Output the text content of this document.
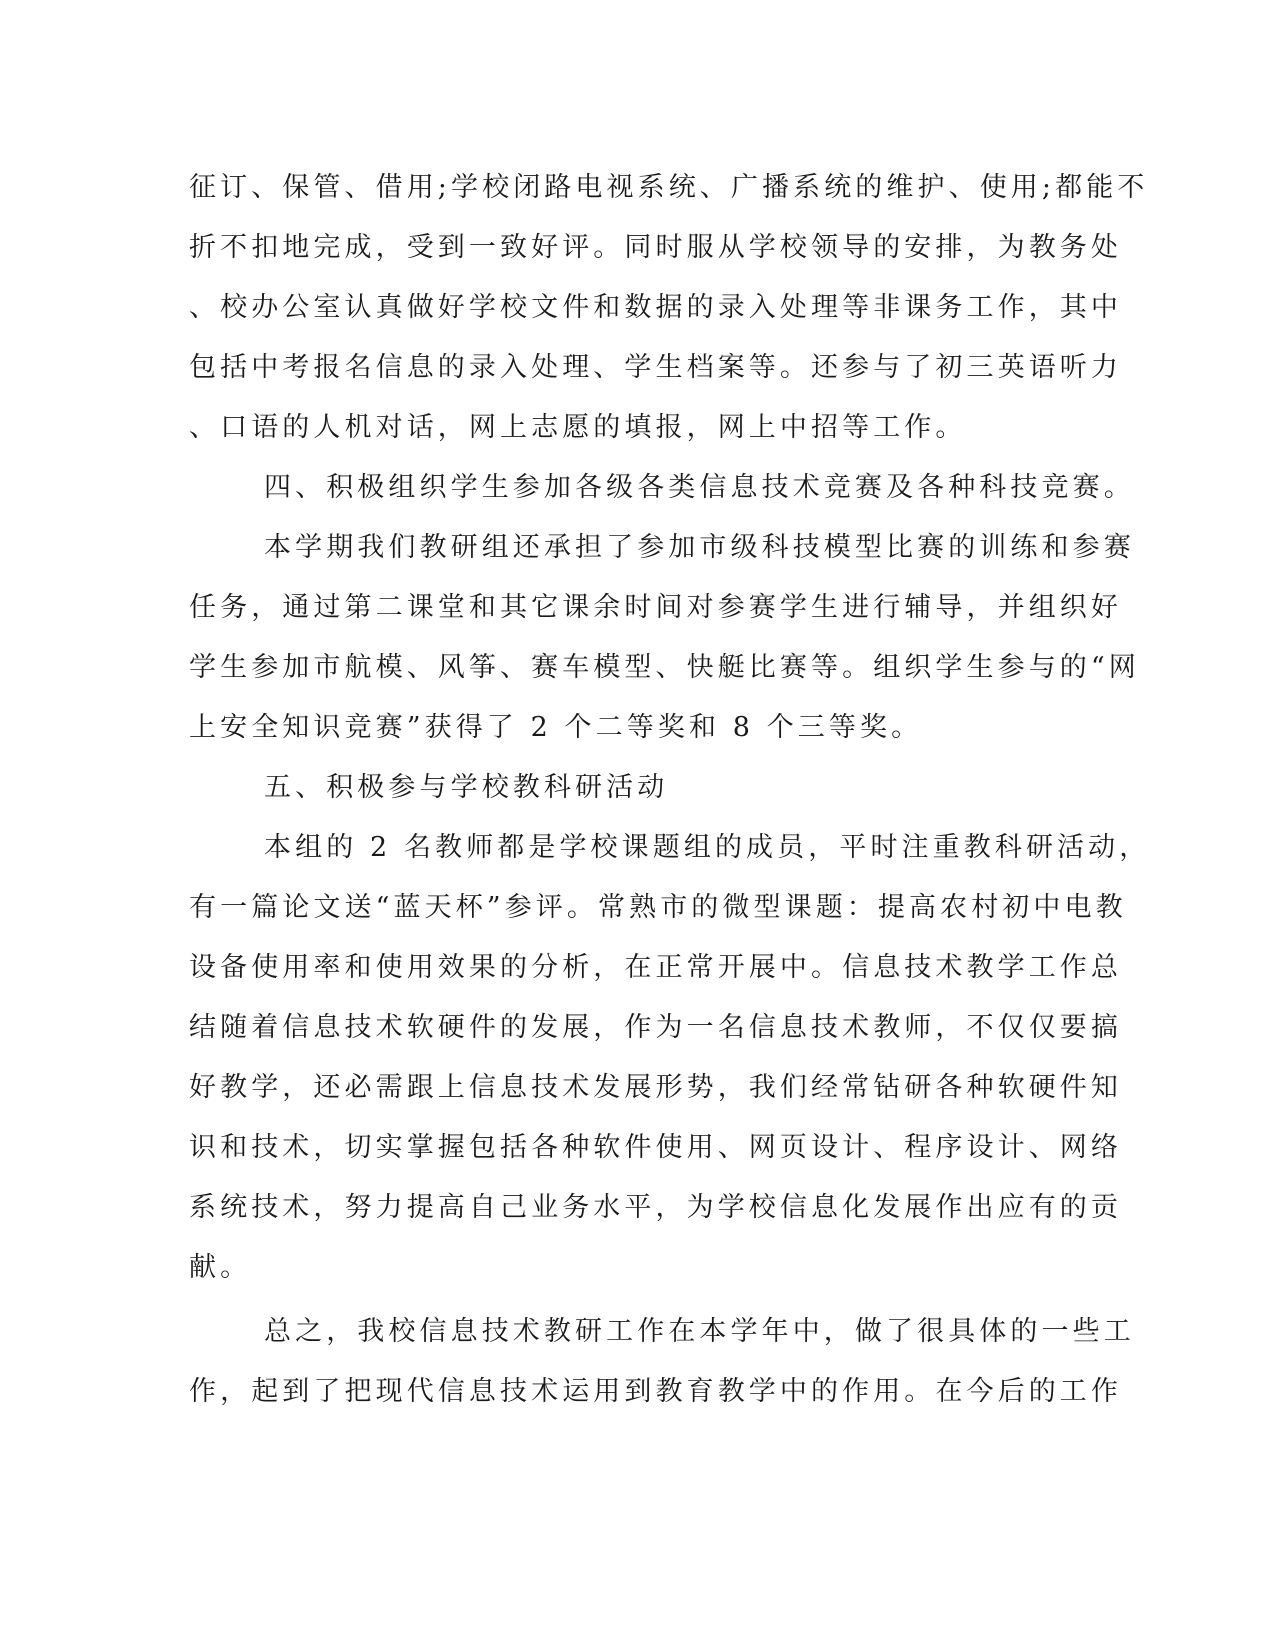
征订、保管、借用;学校闭路电视系统、广播系统的维护、使用;都能不
折不扣地完成，受到一致好评。同时服从学校领导的安排，为教务处
、校办公室认真做好学校文件和数据的录入处理等非课务工作，其中
包括中考报名信息的录入处理、学生档案等。还参与了初三英语听力
、口语的人机对话，网上志愿的填报，网上中招等工作。
四、积极组织学生参加各级各类信息技术竞赛及各种科技竞赛。
本学期我们教研组还承担了参加市级科技模型比赛的训练和参赛
任务，通过第二课堂和其它课余时间对参赛学生进行辅导，并组织好
学生参加市航模、风筝、赛车模型、快艇比赛等。组织学生参与的“网
上安全知识竞赛”获得了 2 个二等奖和 8 个三等奖。
五、积极参与学校教科研活动
本组的 2 名教师都是学校课题组的成员，平时注重教科研活动，
有一篇论文送“蓝天杯”参评。常熟市的微型课题：提高农村初中电教
设备使用率和使用效果的分析，在正常开展中。信息技术教学工作总
结随着信息技术软硬件的发展，作为一名信息技术教师，不仅仅要搞
好教学，还必需跟上信息技术发展形势，我们经常钻研各种软硬件知
识和技术，切实掌握包括各种软件使用、网页设计、程序设计、网络
系统技术，努力提高自己业务水平，为学校信息化发展作出应有的贡
献。
总之，我校信息技术教研工作在本学年中，做了很具体的一些工
作，起到了把现代信息技术运用到教育教学中的作用。在今后的工作
